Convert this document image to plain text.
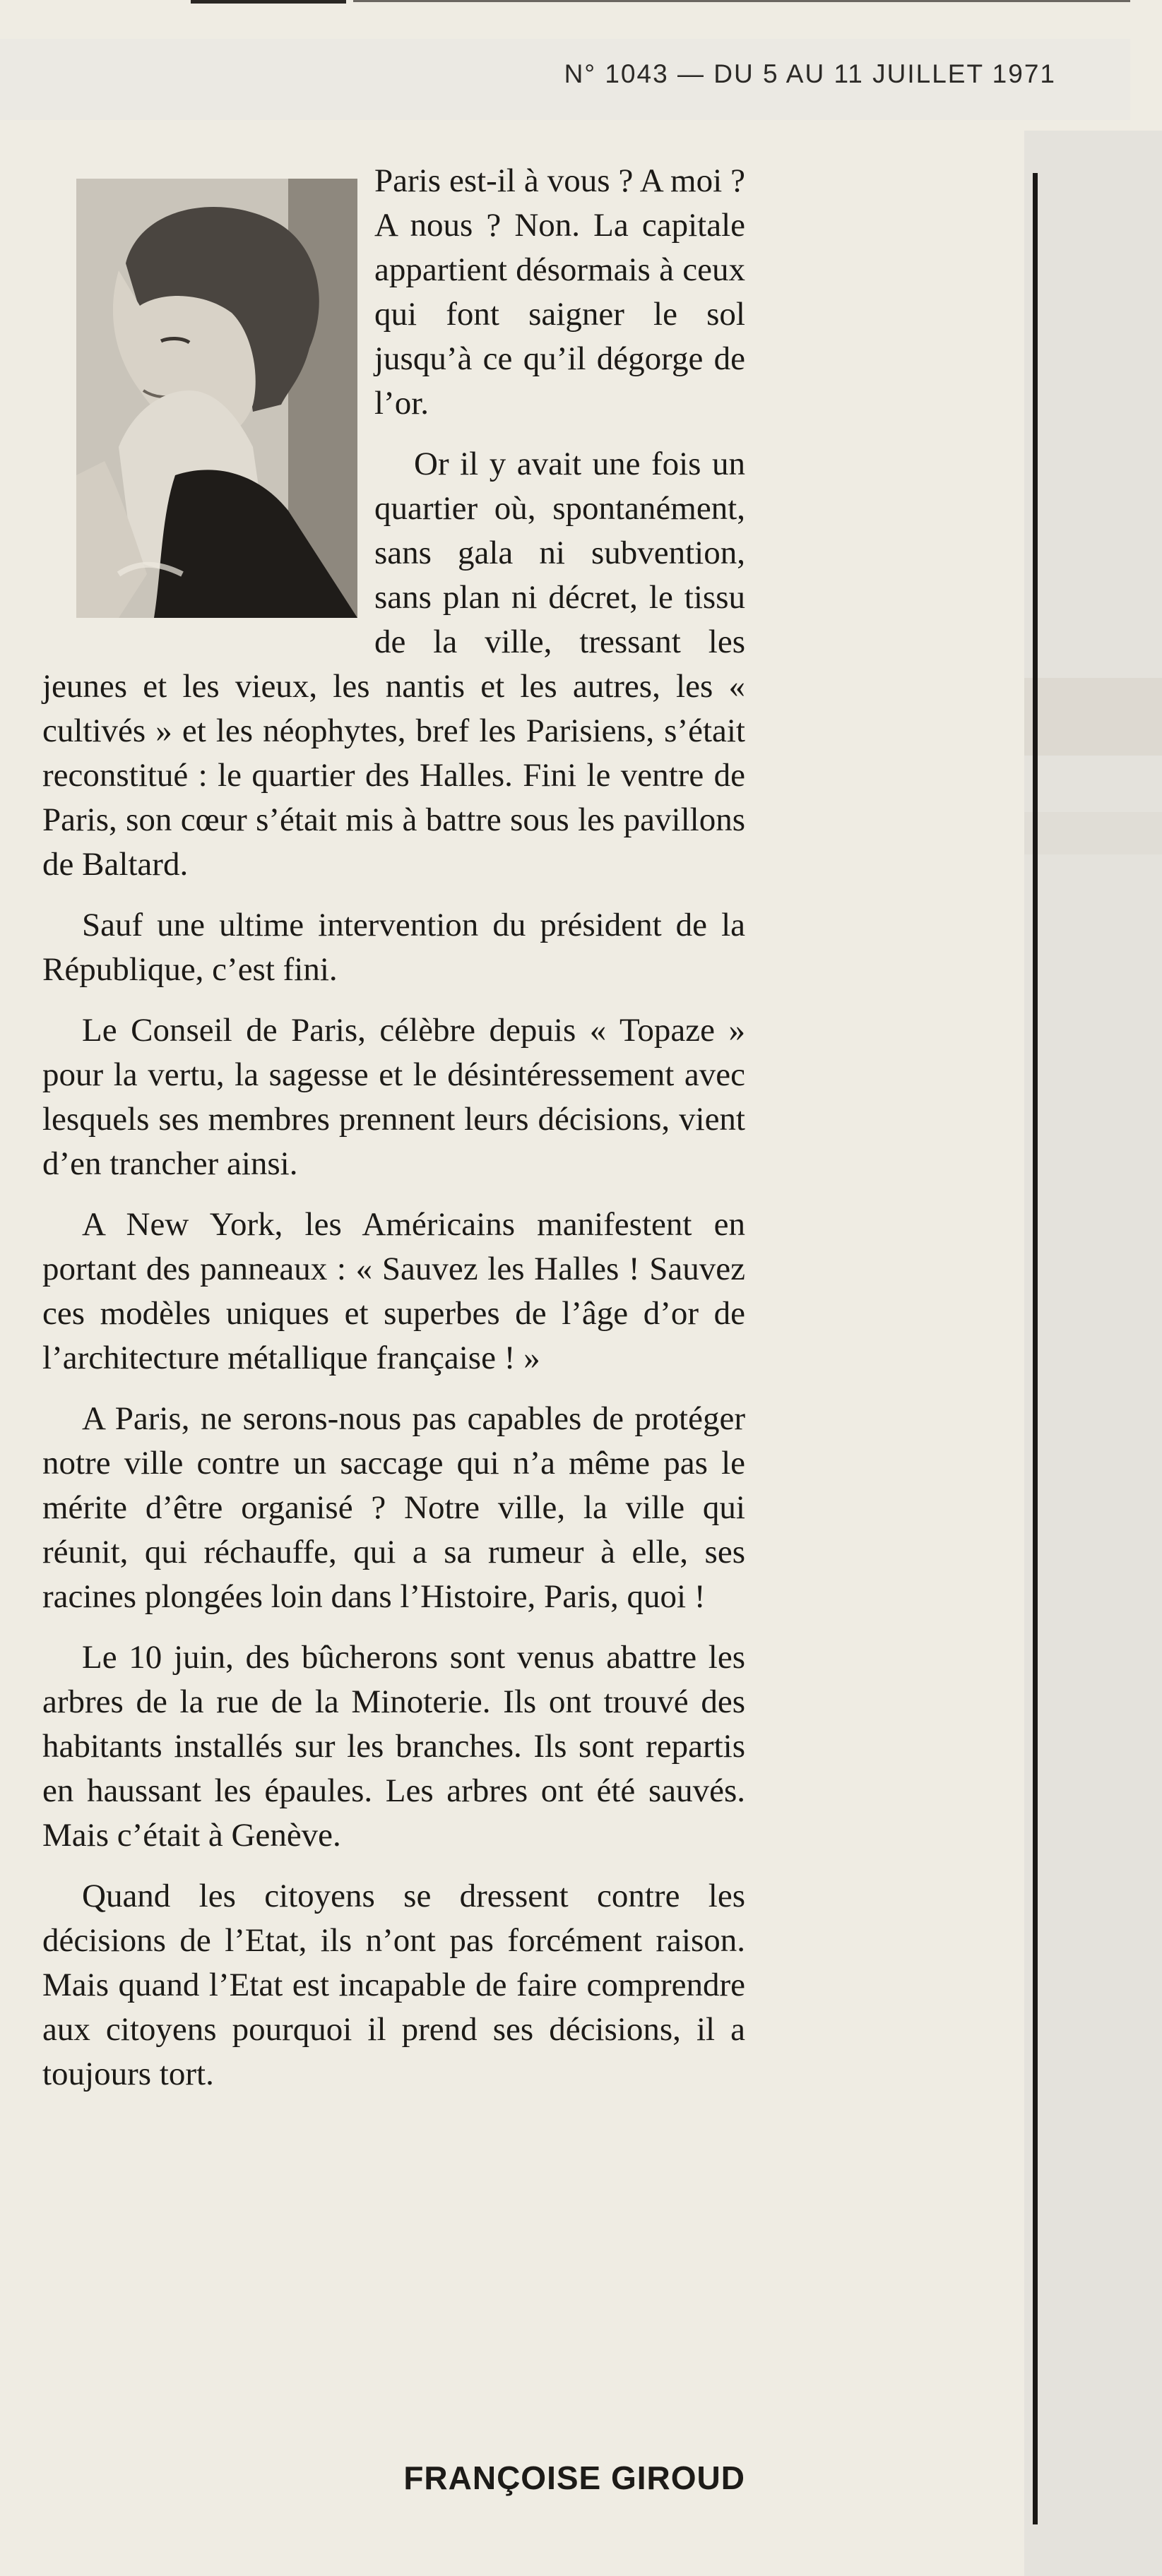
N° 1043 — DU 5 AU 11 JUILLET 1971

Paris est-il à vous ? A moi ? A nous ? Non. La capitale appartient désormais à ceux qui font saigner le sol jusqu’à ce qu’il dégorge de l’or.

Or il y avait une fois un quartier où, spontanément, sans gala ni subvention, sans plan ni décret, le tissu de la ville, tressant les jeunes et les vieux, les nantis et les autres, les « cultivés » et les néophytes, bref les Parisiens, s’était reconstitué : le quartier des Halles. Fini le ventre de Paris, son cœur s’était mis à battre sous les pavillons de Baltard.

Sauf une ultime intervention du président de la République, c’est fini.

Le Conseil de Paris, célèbre depuis « Topaze » pour la vertu, la sagesse et le désintéressement avec lesquels ses membres prennent leurs décisions, vient d’en trancher ainsi.

A New York, les Américains manifestent en portant des panneaux : « Sauvez les Halles ! Sauvez ces modèles uniques et superbes de l’âge d’or de l’architecture métallique française ! »

A Paris, ne serons-nous pas capables de protéger notre ville contre un saccage qui n’a même pas le mérite d’être organisé ? Notre ville, la ville qui réunit, qui réchauffe, qui a sa rumeur à elle, ses racines plongées loin dans l’Histoire, Paris, quoi !

Le 10 juin, des bûcherons sont venus abattre les arbres de la rue de la Minoterie. Ils ont trouvé des habitants installés sur les branches. Ils sont repartis en haussant les épaules. Les arbres ont été sauvés. Mais c’était à Genève.

Quand les citoyens se dressent contre les décisions de l’Etat, ils n’ont pas forcément raison. Mais quand l’Etat est incapable de faire comprendre aux citoyens pourquoi il prend ses décisions, il a toujours tort.

FRANÇOISE GIROUD
